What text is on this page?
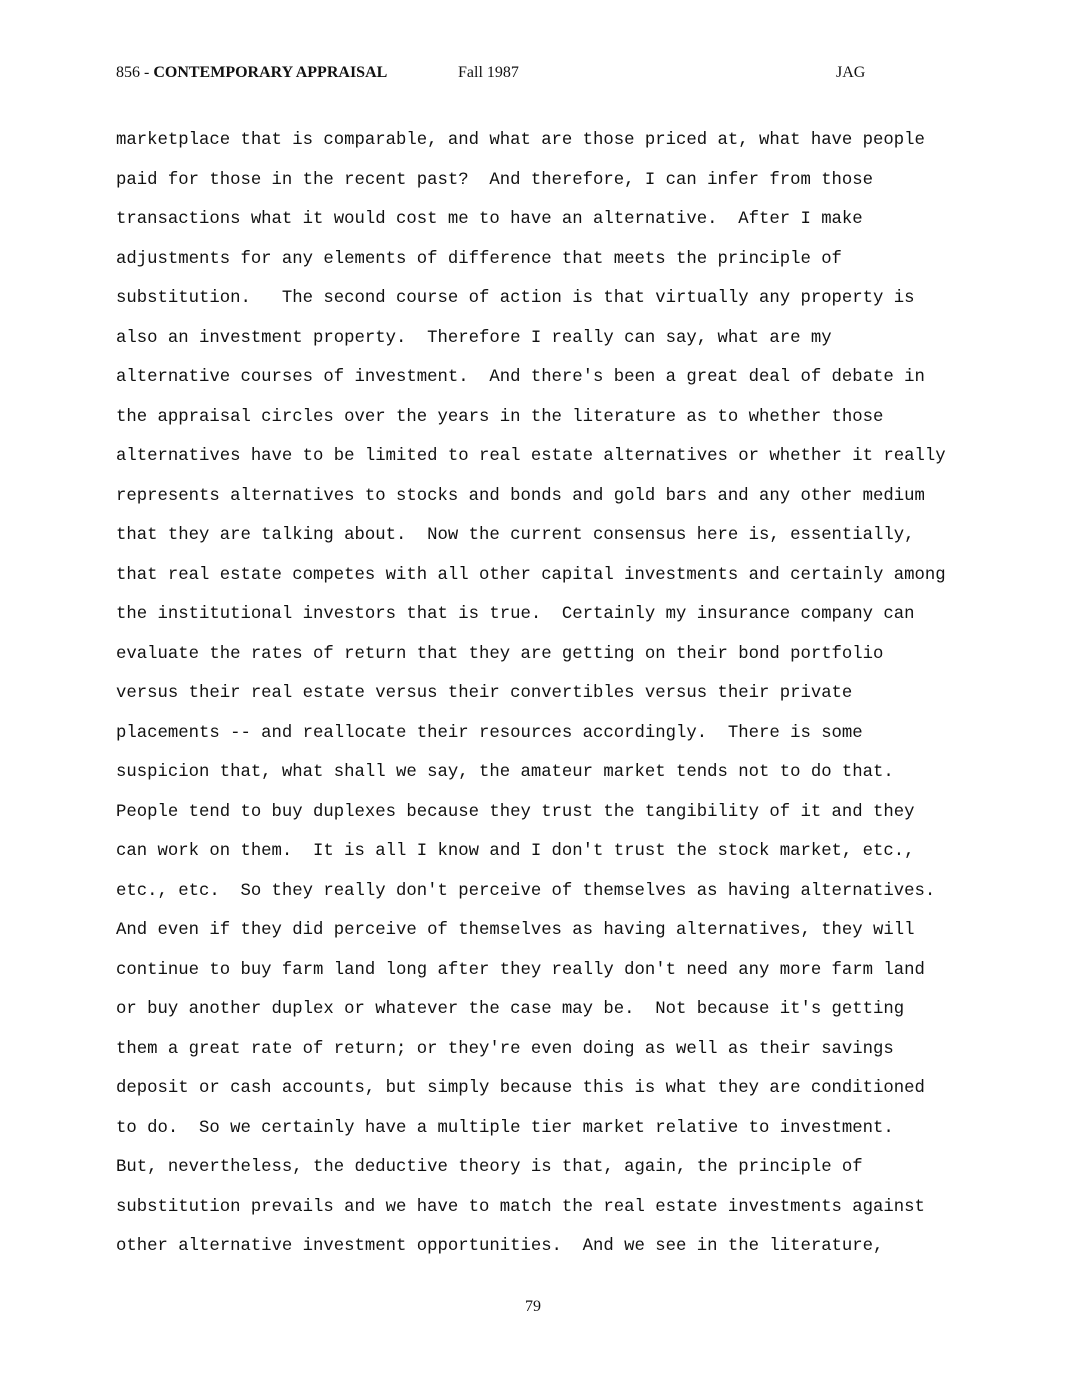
856 - CONTEMPORARY APPRAISAL	Fall 1987	JAG
marketplace that is comparable, and what are those priced at, what have people
paid for those in the recent past?  And therefore, I can infer from those
transactions what it would cost me to have an alternative.  After I make
adjustments for any elements of difference that meets the principle of
substitution.   The second course of action is that virtually any property is
also an investment property.  Therefore I really can say, what are my
alternative courses of investment.  And there's been a great deal of debate in
the appraisal circles over the years in the literature as to whether those
alternatives have to be limited to real estate alternatives or whether it really
represents alternatives to stocks and bonds and gold bars and any other medium
that they are talking about.  Now the current consensus here is, essentially,
that real estate competes with all other capital investments and certainly among
the institutional investors that is true.  Certainly my insurance company can
evaluate the rates of return that they are getting on their bond portfolio
versus their real estate versus their convertibles versus their private
placements -- and reallocate their resources accordingly.  There is some
suspicion that, what shall we say, the amateur market tends not to do that.
People tend to buy duplexes because they trust the tangibility of it and they
can work on them.  It is all I know and I don't trust the stock market, etc.,
etc., etc.  So they really don't perceive of themselves as having alternatives.
And even if they did perceive of themselves as having alternatives, they will
continue to buy farm land long after they really don't need any more farm land
or buy another duplex or whatever the case may be.  Not because it's getting
them a great rate of return; or they're even doing as well as their savings
deposit or cash accounts, but simply because this is what they are conditioned
to do.  So we certainly have a multiple tier market relative to investment.
But, nevertheless, the deductive theory is that, again, the principle of
substitution prevails and we have to match the real estate investments against
other alternative investment opportunities.  And we see in the literature,
79
